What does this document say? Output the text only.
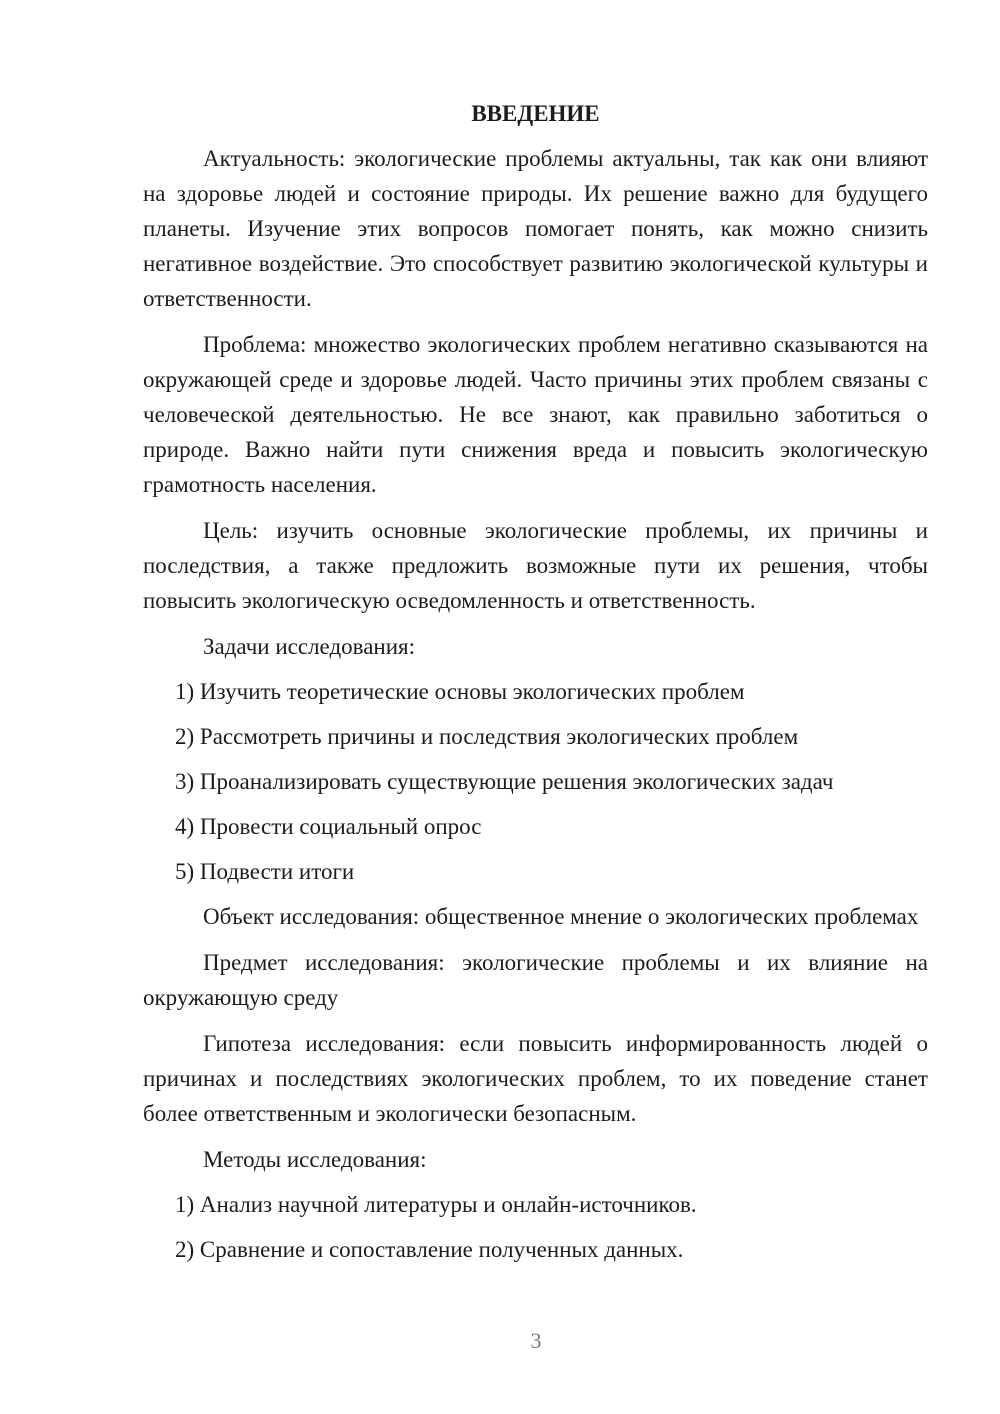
ВВЕДЕНИЕ

Актуальность: экологические проблемы актуальны, так как они влияют на здоровье людей и состояние природы. Их решение важно для будущего планеты. Изучение этих вопросов помогает понять, как можно снизить негативное воздействие. Это способствует развитию экологической культуры и ответственности.

Проблема: множество экологических проблем негативно сказываются на окружающей среде и здоровье людей. Часто причины этих проблем связаны с человеческой деятельностью. Не все знают, как правильно заботиться о природе. Важно найти пути снижения вреда и повысить экологическую грамотность населения.

Цель: изучить основные экологические проблемы, их причины и последствия, а также предложить возможные пути их решения, чтобы повысить экологическую осведомленность и ответственность.

Задачи исследования:

1) Изучить теоретические основы экологических проблем
2) Рассмотреть причины и последствия экологических проблем
3) Проанализировать существующие решения экологических задач
4) Провести социальный опрос
5) Подвести итоги

Объект исследования: общественное мнение о экологических проблемах

Предмет исследования: экологические проблемы и их влияние на окружающую среду

Гипотеза исследования: если повысить информированность людей о причинах и последствиях экологических проблем, то их поведение станет более ответственным и экологически безопасным.

Методы исследования:

1) Анализ научной литературы и онлайн-источников.
2) Сравнение и сопоставление полученных данных.
3
